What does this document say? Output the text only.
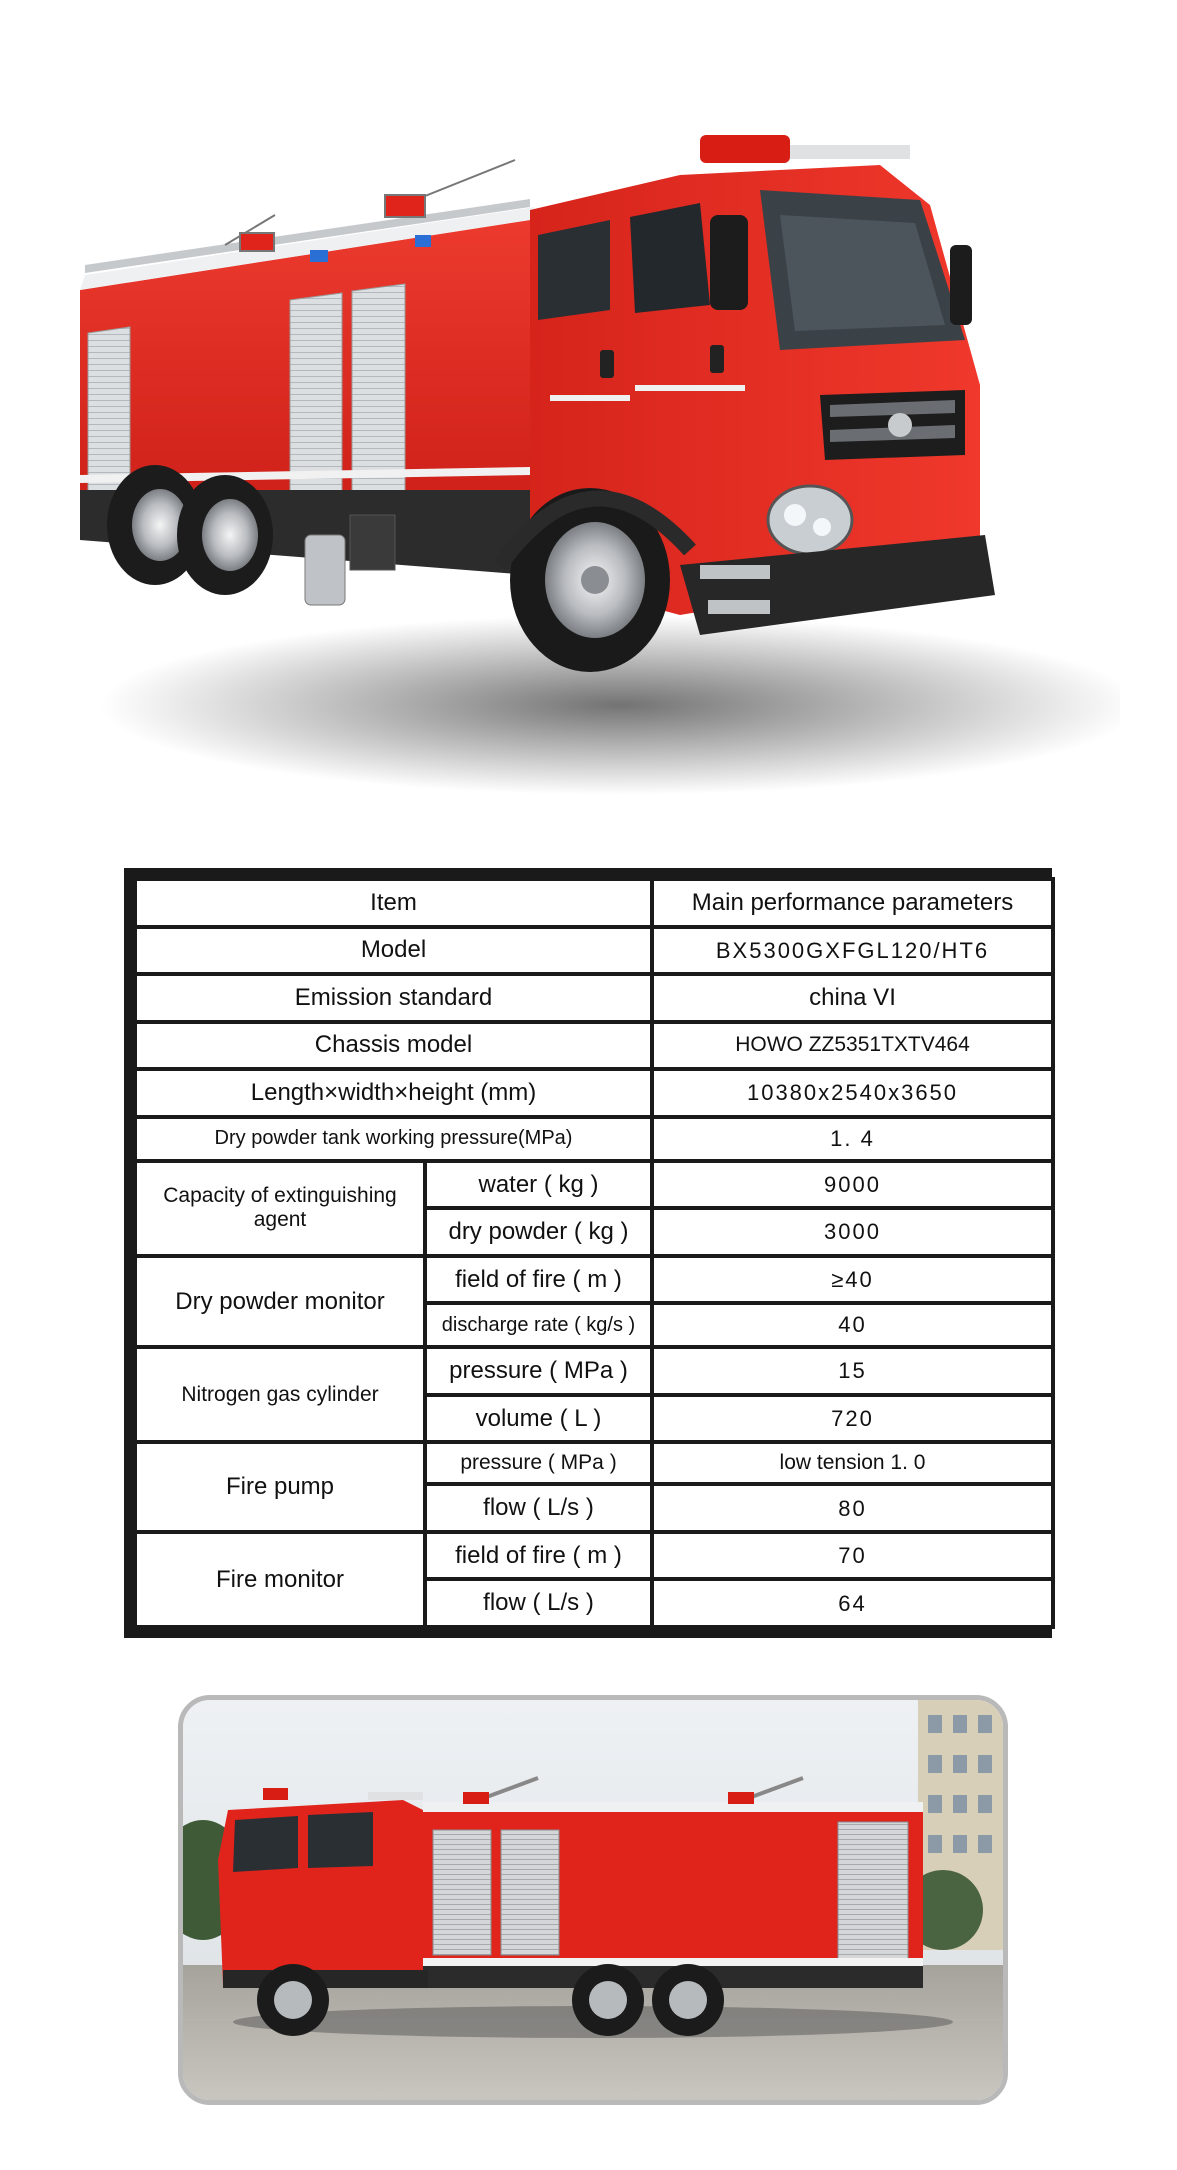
Item		Main performance parameters
Model		BX5300GXFGL120/HT6
Emission standard		china VI
Chassis model		HOWO ZZ5351TXTV464
Length×width×height (mm)		10380x2540x3650
Dry powder tank working pressure(MPa)		1. 4
Capacity of extinguishing agent	water ( kg )	9000
	dry powder ( kg )	3000
Dry powder monitor	field of fire ( m )	≥40
	discharge rate ( kg/s )	40
Nitrogen gas cylinder	pressure ( MPa )	15
	volume ( L )	720
Fire pump	pressure ( MPa )	low tension 1. 0
	flow ( L/s )	80
Fire monitor	field of fire ( m )	70
	flow ( L/s )	64
